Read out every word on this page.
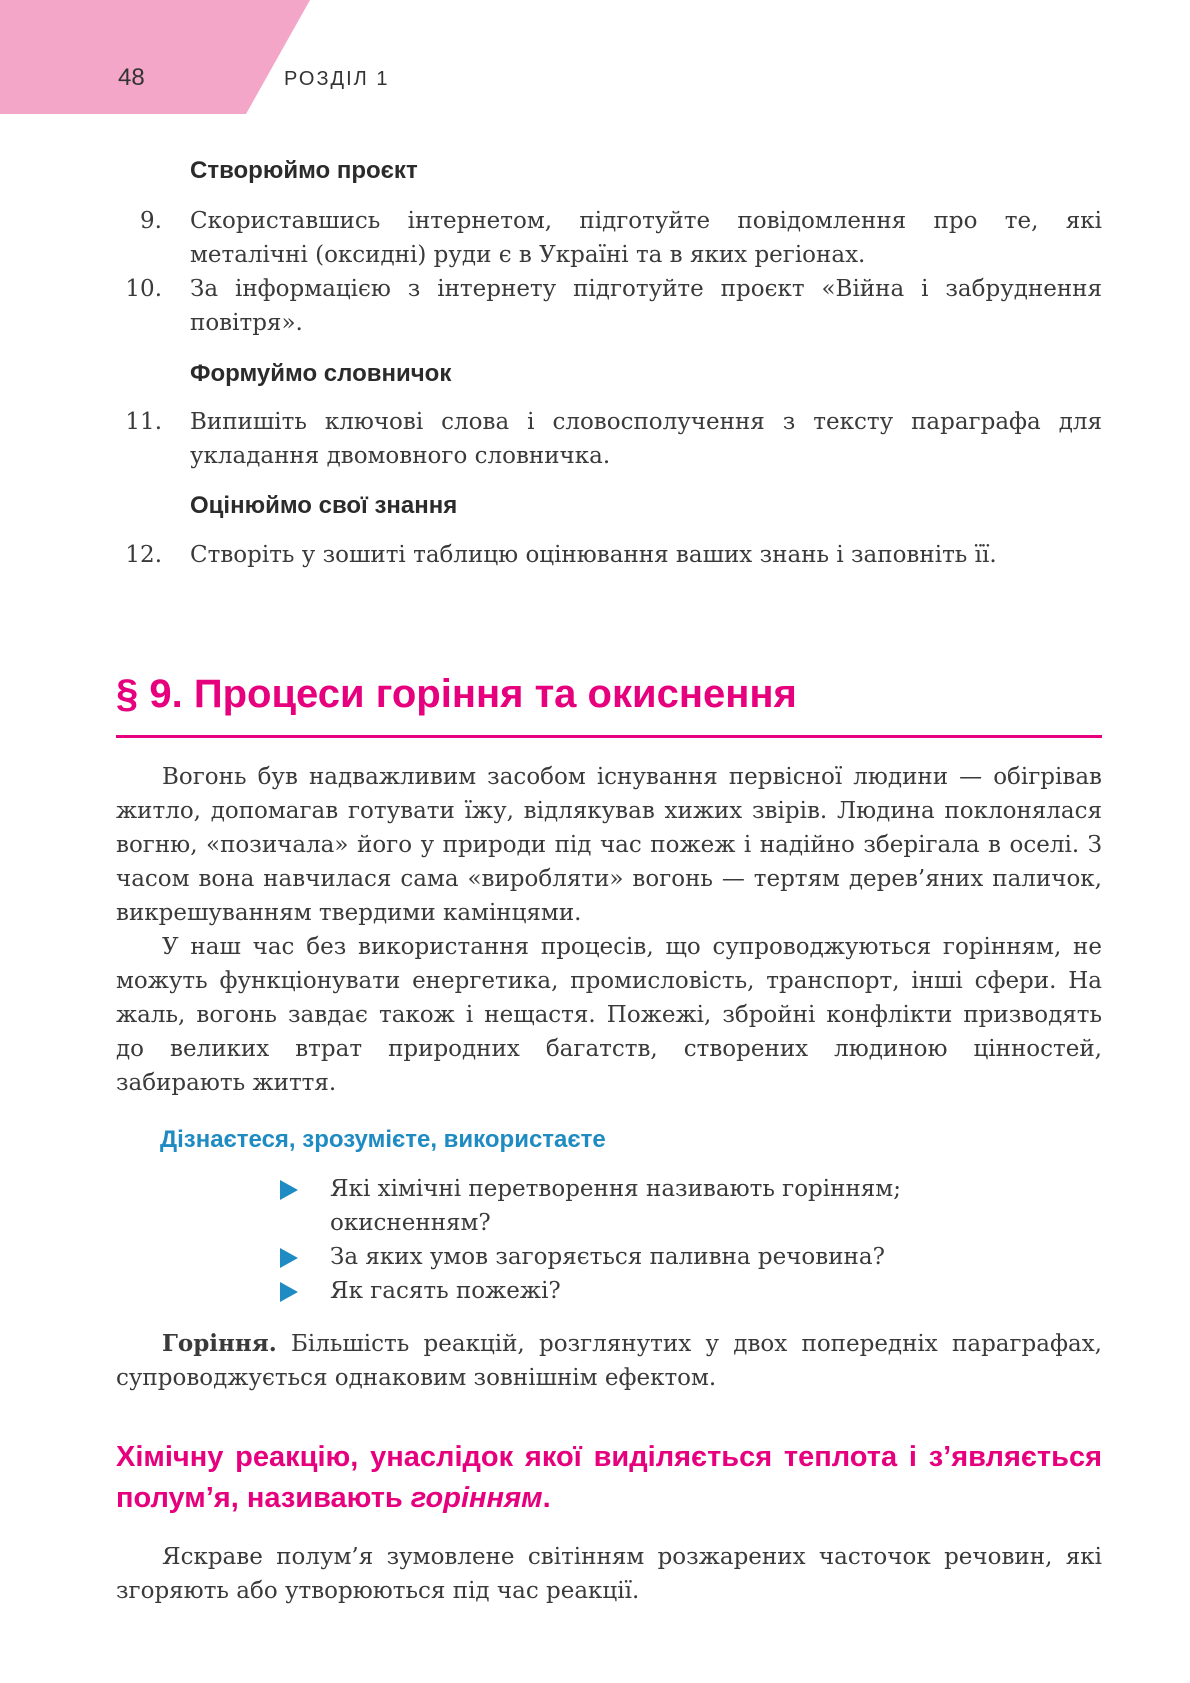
48	РОЗДІЛ 1
Створюймо проєкт
9. Скориставшись інтернетом, підготуйте повідомлення про те, які металічні (оксидні) руди є в Україні та в яких регіонах.
10. За інформацією з інтернету підготуйте проєкт «Війна і забруднення повітря».
Формуймо словничок
11. Випишіть ключові слова і словосполучення з тексту параграфа для укладання двомовного словничка.
Оцінюймо свої знання
12. Створіть у зошиті таблицю оцінювання ваших знань і заповніть її.
§ 9. Процеси горіння та окиснення

Вогонь був надважливим засобом існування первісної людини — обігрівав житло, допомагав готувати їжу, відлякував хижих звірів. Людина поклонялася вогню, «позичала» його у природи під час пожеж і надійно зберігала в оселі. З часом вона навчилася сама «виробляти» вогонь — тертям дерев’яних паличок, викрешуванням твердими камінцями.

У наш час без використання процесів, що супроводжуються горінням, не можуть функціонувати енергетика, промисловість, транспорт, інші сфери. На жаль, вогонь завдає також і нещастя. Пожежі, збройні конфлікти призводять до великих втрат природних багатств, створених людиною цінностей, забирають життя.

Дізнаєтеся, зрозумієте, використаєте
Які хімічні перетворення називають горінням; окисненням?
За яких умов загоряється паливна речовина?
Як гасять пожежі?
Горіння. Більшість реакцій, розглянутих у двох попередніх параграфах, супроводжується однаковим зовнішнім ефектом.
Хімічну реакцію, унаслідок якої виділяється теплота і з’являється полум’я, називають горінням.
Яскраве полум’я зумовлене світінням розжарених часточок речовин, які згоряють або утворюються під час реакції.
